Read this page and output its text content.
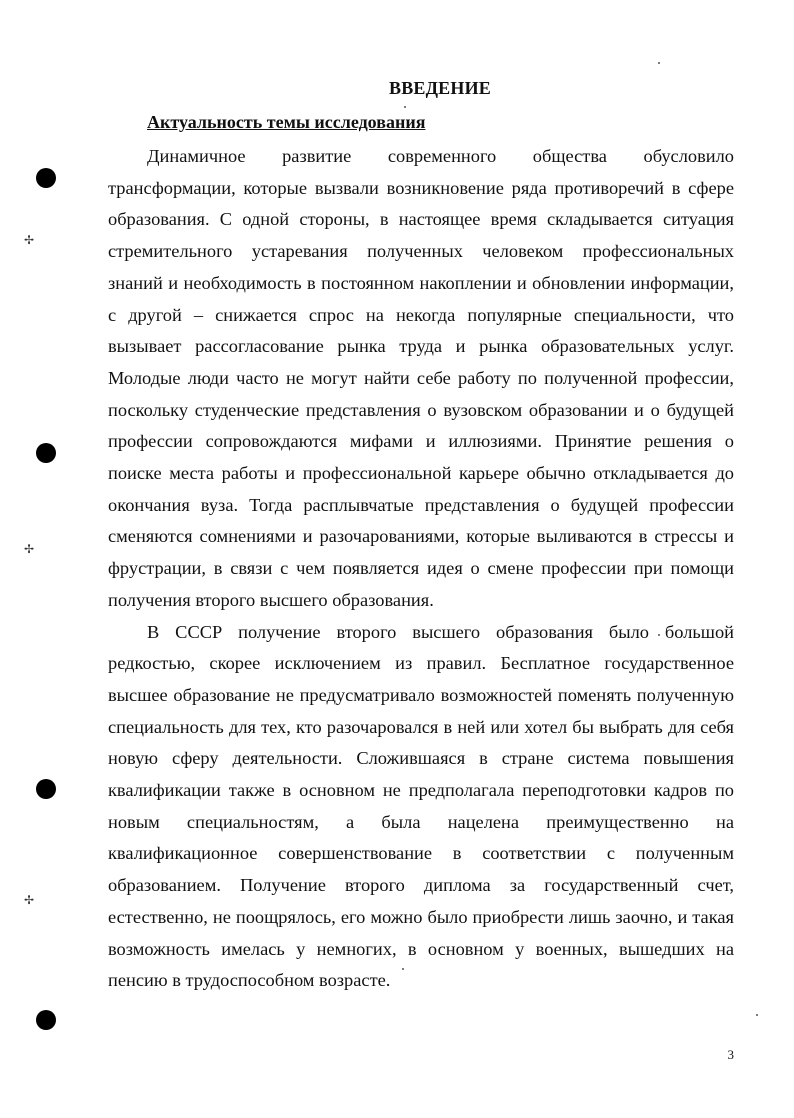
✢
✢
✢
ВВЕДЕНИЕ
Актуальность темы исследования

Динамичное развитие современного общества обусловило трансформации, которые вызвали возникновение ряда противоречий в сфере образования. С одной стороны, в настоящее время складывается ситуация стремительного устаревания полученных человеком профессиональных знаний и необходимость в постоянном накоплении и обновлении информации, с другой – снижается спрос на некогда популярные специальности, что вызывает рассогласование рынка труда и рынка образовательных услуг. Молодые люди часто не могут найти себе работу по полученной профессии, поскольку студенческие представления о вузовском образовании и о будущей профессии сопровождаются мифами и иллюзиями. Принятие решения о поиске места работы и профессиональной карьере обычно откладывается до окончания вуза. Тогда расплывчатые представления о будущей профессии сменяются сомнениями и разочарованиями, которые выливаются в стрессы и фрустрации, в связи с чем появляется идея о смене профессии при помощи получения второго высшего образования.

В СССР получение второго высшего образования было большой редкостью, скорее исключением из правил. Бесплатное государственное высшее образование не предусматривало возможностей поменять полученную специальность для тех, кто разочаровался в ней или хотел бы выбрать для себя новую сферу деятельности. Сложившаяся в стране система повышения квалификации также в основном не предполагала переподготовки кадров по новым специальностям, а была нацелена преимущественно на квалификационное совершенствование в соответствии с полученным образованием. Получение второго диплома за государственный счет, естественно, не поощрялось, его можно было приобрести лишь заочно, и такая возможность имелась у немногих, в основном у военных, вышедших на пенсию в трудоспособном возрасте.

3
